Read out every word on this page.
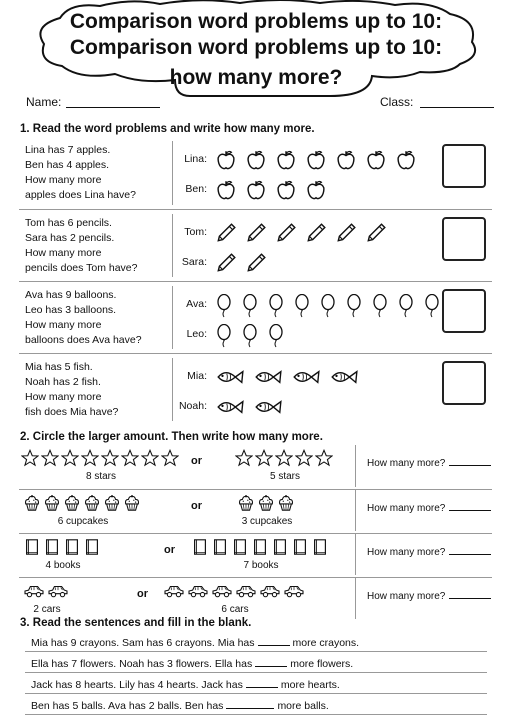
Comparison word problems up to 10:
Comparison word problems up to 10:
how many more?
Name:	Class:
1. Read the word problems and write how many more.
Lina has 7 apples.
Ben has 4 apples.
How many more
apples does Lina have?
Lina:
Ben:
Tom has 6 pencils.
Sara has 2 pencils.
How many more
pencils does Tom have?
Tom:
Sara:
Ava has 9 balloons.
Leo has 3 balloons.
How many more
balloons does Ava have?
Ava:
Leo:
Mia has 5 fish.
Noah has 2 fish.
How many more
fish does Mia have?
Mia:
Noah:
2. Circle the larger amount. Then write how many more.
8 stars
or
5 stars
How many more?
6 cupcakes
or
3 cupcakes
How many more?
4 books
or
7 books
How many more?
2 cars
or
6 cars
How many more?
3. Read the sentences and fill in the blank.
Mia has 9 crayons. Sam has 6 crayons. Mia has	more crayons.
Ella has 7 flowers. Noah has 3 flowers. Ella has	more flowers.
Jack has 8 hearts. Lily has 4 hearts. Jack has	more hearts.
Ben has 5 balls. Ava has 2 balls. Ben has	more balls.
